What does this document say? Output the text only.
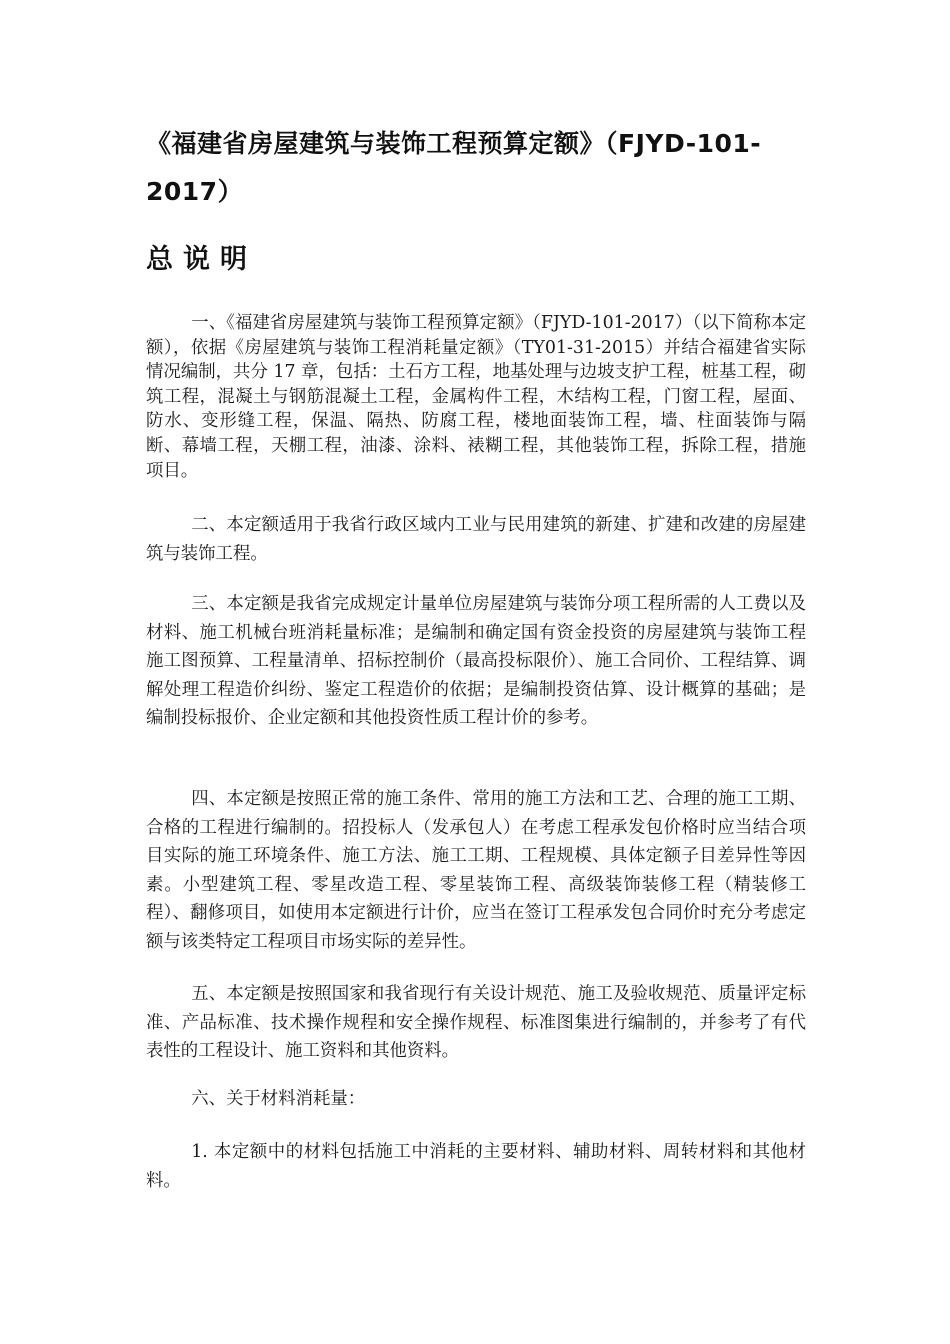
《福建省房屋建筑与装饰工程预算定额》（FJYD-101-2017）
总说明

一、《福建省房屋建筑与装饰工程预算定额》（FJYD-101-2017）（以下简称本定额），依据《房屋建筑与装饰工程消耗量定额》（TY01-31-2015）并结合福建省实际情况编制，共分 17 章，包括：土石方工程，地基处理与边坡支护工程，桩基工程，砌筑工程，混凝土与钢筋混凝土工程，金属构件工程，木结构工程，门窗工程，屋面、防水、变形缝工程，保温、隔热、防腐工程，楼地面装饰工程，墙、柱面装饰与隔断、幕墙工程，天棚工程，油漆、涂料、裱糊工程，其他装饰工程，拆除工程，措施项目。

二、本定额适用于我省行政区域内工业与民用建筑的新建、扩建和改建的房屋建筑与装饰工程。

三、本定额是我省完成规定计量单位房屋建筑与装饰分项工程所需的人工费以及材料、施工机械台班消耗量标准；是编制和确定国有资金投资的房屋建筑与装饰工程施工图预算、工程量清单、招标控制价（最高投标限价）、施工合同价、工程结算、调解处理工程造价纠纷、鉴定工程造价的依据；是编制投资估算、设计概算的基础；是编制投标报价、企业定额和其他投资性质工程计价的参考。

四、本定额是按照正常的施工条件、常用的施工方法和工艺、合理的施工工期、合格的工程进行编制的。招投标人（发承包人）在考虑工程承发包价格时应当结合项目实际的施工环境条件、施工方法、施工工期、工程规模、具体定额子目差异性等因素。小型建筑工程、零星改造工程、零星装饰工程、高级装饰装修工程（精装修工程）、翻修项目，如使用本定额进行计价，应当在签订工程承发包合同价时充分考虑定额与该类特定工程项目市场实际的差异性。

五、本定额是按照国家和我省现行有关设计规范、施工及验收规范、质量评定标准、产品标准、技术操作规程和安全操作规程、标准图集进行编制的，并参考了有代表性的工程设计、施工资料和其他资料。

六、关于材料消耗量：

1. 本定额中的材料包括施工中消耗的主要材料、辅助材料、周转材料和其他材料。
